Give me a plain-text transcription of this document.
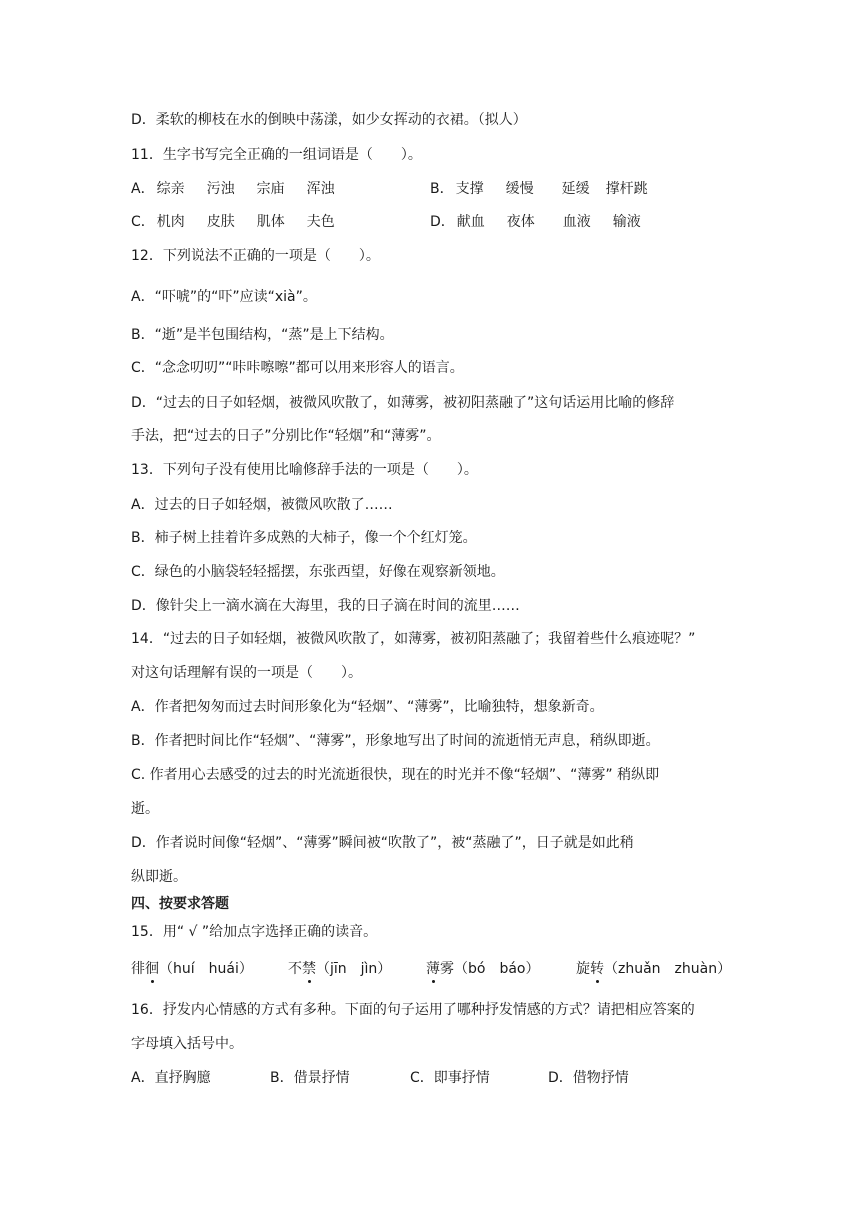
D．柔软的柳枝在水的倒映中荡漾，如少女挥动的衣裙。（拟人）
11．生字书写完全正确的一组词语是（　　）。
A． 综亲 污浊 宗庙 浑浊	B． 支撑 缓慢 延缓 撑杆跳
C． 机肉 皮肤 肌体 夫色	D． 献血 夜体 血液 输液
12．下列说法不正确的一项是（　　）。
A．“吓唬”的“吓”应读“xià”。
B．“逝”是半包围结构，“蒸”是上下结构。
C．“念念叨叨”“咔咔嚓嚓”都可以用来形容人的语言。
D．“过去的日子如轻烟，被微风吹散了，如薄雾，被初阳蒸融了”这句话运用比喻的修辞
手法，把“过去的日子”分别比作“轻烟”和“薄雾”。
13．下列句子没有使用比喻修辞手法的一项是（　　）。
A．过去的日子如轻烟，被微风吹散了……
B．柿子树上挂着许多成熟的大柿子，像一个个红灯笼。
C．绿色的小脑袋轻轻摇摆，东张西望，好像在观察新领地。
D．像针尖上一滴水滴在大海里，我的日子滴在时间的流里……
14．“过去的日子如轻烟，被微风吹散了，如薄雾，被初阳蒸融了；我留着些什么痕迹呢？”
对这句话理解有误的一项是（　　）。
A．作者把匆匆而过去时间形象化为“轻烟”、“薄雾”，比喻独特，想象新奇。
B．作者把时间比作“轻烟”、“薄雾”，形象地写出了时间的流逝悄无声息，稍纵即逝。
C. 作者用心去感受的过去的时光流逝很快，现在的时光并不像“轻烟”、“薄雾” 稍纵即
逝。
D．作者说时间像“轻烟”、“薄雾”瞬间被“吹散了”，被“蒸融了”，日子就是如此稍
纵即逝。
四、按要求答题
15．用“ √ ”给加点字选择正确的读音。
徘徊（huí　huái）	不禁（jīn　jìn） 薄雾（bó　báo）	旋转（zhuǎn　zhuàn）
16．抒发内心情感的方式有多种。下面的句子运用了哪种抒发情感的方式？请把相应答案的
字母填入括号中。
A．直抒胸臆	B．借景抒情	C．即事抒情	D．借物抒情
